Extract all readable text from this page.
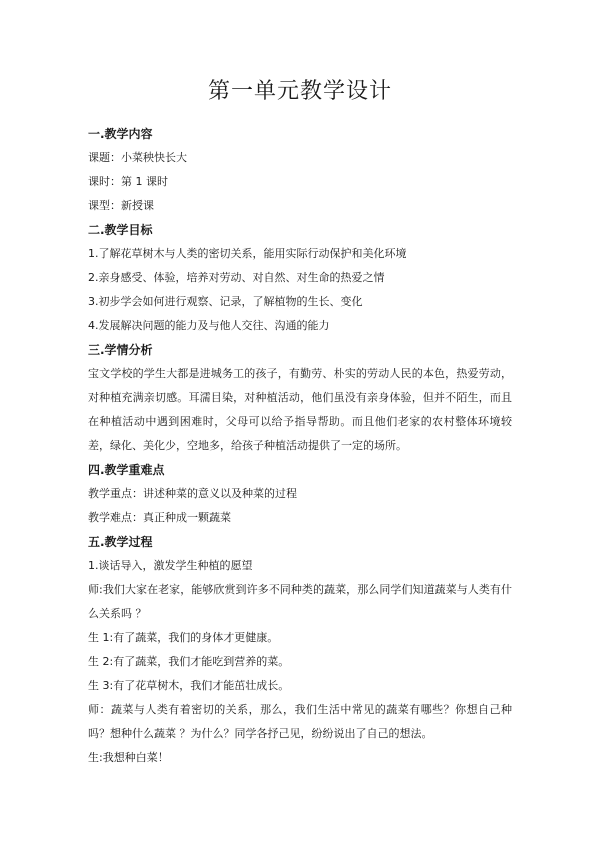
第一单元教学设计

一.教学内容

课题：小菜秧快长大

课时：第 1 课时

课型：新授课

二.教学目标

1.了解花草树木与人类的密切关系，能用实际行动保护和美化环境

2.亲身感受、体验，培养对劳动、对自然、对生命的热爱之情

3.初步学会如何进行观察、记录，了解植物的生长、变化

4.发展解决问题的能力及与他人交往、沟通的能力

三.学情分析

宝文学校的学生大都是进城务工的孩子，有勤劳、朴实的劳动人民的本色，热爱劳动，对种植充满亲切感。耳濡目染，对种植活动，他们虽没有亲身体验，但并不陌生，而且在种植活动中遇到困难时，父母可以给予指导帮助。而且他们老家的农村整体环境较差，绿化、美化少，空地多，给孩子种植活动提供了一定的场所。

四.教学重难点

教学重点：讲述种菜的意义以及种菜的过程

教学难点：真正种成一颗蔬菜

五.教学过程

1.谈话导入，激发学生种植的愿望

师:我们大家在老家，能够欣赏到许多不同种类的蔬菜，那么同学们知道蔬菜与人类有什么关系吗 ？

生 1:有了蔬菜，我们的身体才更健康。

生 2:有了蔬菜，我们才能吃到营养的菜。

生 3:有了花草树木，我们才能茁壮成长。

师：蔬菜与人类有着密切的关系，那么，我们生活中常见的蔬菜有哪些？你想自己种吗？想种什么蔬菜 ？为什么？同学各抒己见，纷纷说出了自己的想法。

生:我想种白菜！
